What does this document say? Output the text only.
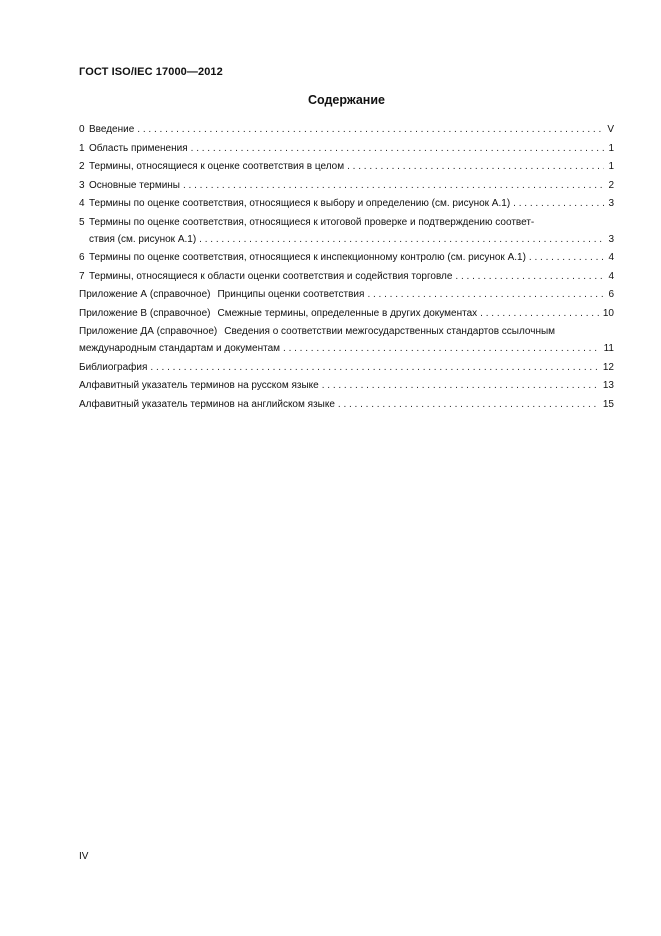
ГОСТ ISO/IEC 17000—2012
Содержание
0 Введение . . .	V
1 Область применения . . .	1
2 Термины, относящиеся к оценке соответствия в целом . . .	1
3 Основные термины . . .	2
4 Термины по оценке соответствия, относящиеся к выбору и определению (см. рисунок А.1) . . .	3
5 Термины по оценке соответствия, относящиеся к итоговой проверке и подтверждению соответ-
ствия (см. рисунок А.1) . . .	3
6 Термины по оценке соответствия, относящиеся к инспекционному контролю (см. рисунок А.1) . . .	4
7 Термины, относящиеся к области оценки соответствия и содействия торговле . . .	4
Приложение А (справочное) Принципы оценки соответствия . . .	6
Приложение В (справочное) Смежные термины, определенные в других документах . . .	10
Приложение ДА (справочное) Сведения о соответствии межгосударственных стандартов ссылочным
международным стандартам и документам . . .	11
Библиография . . .	12
Алфавитный указатель терминов на русском языке . . .	13
Алфавитный указатель терминов на английском языке . . .	15
IV
